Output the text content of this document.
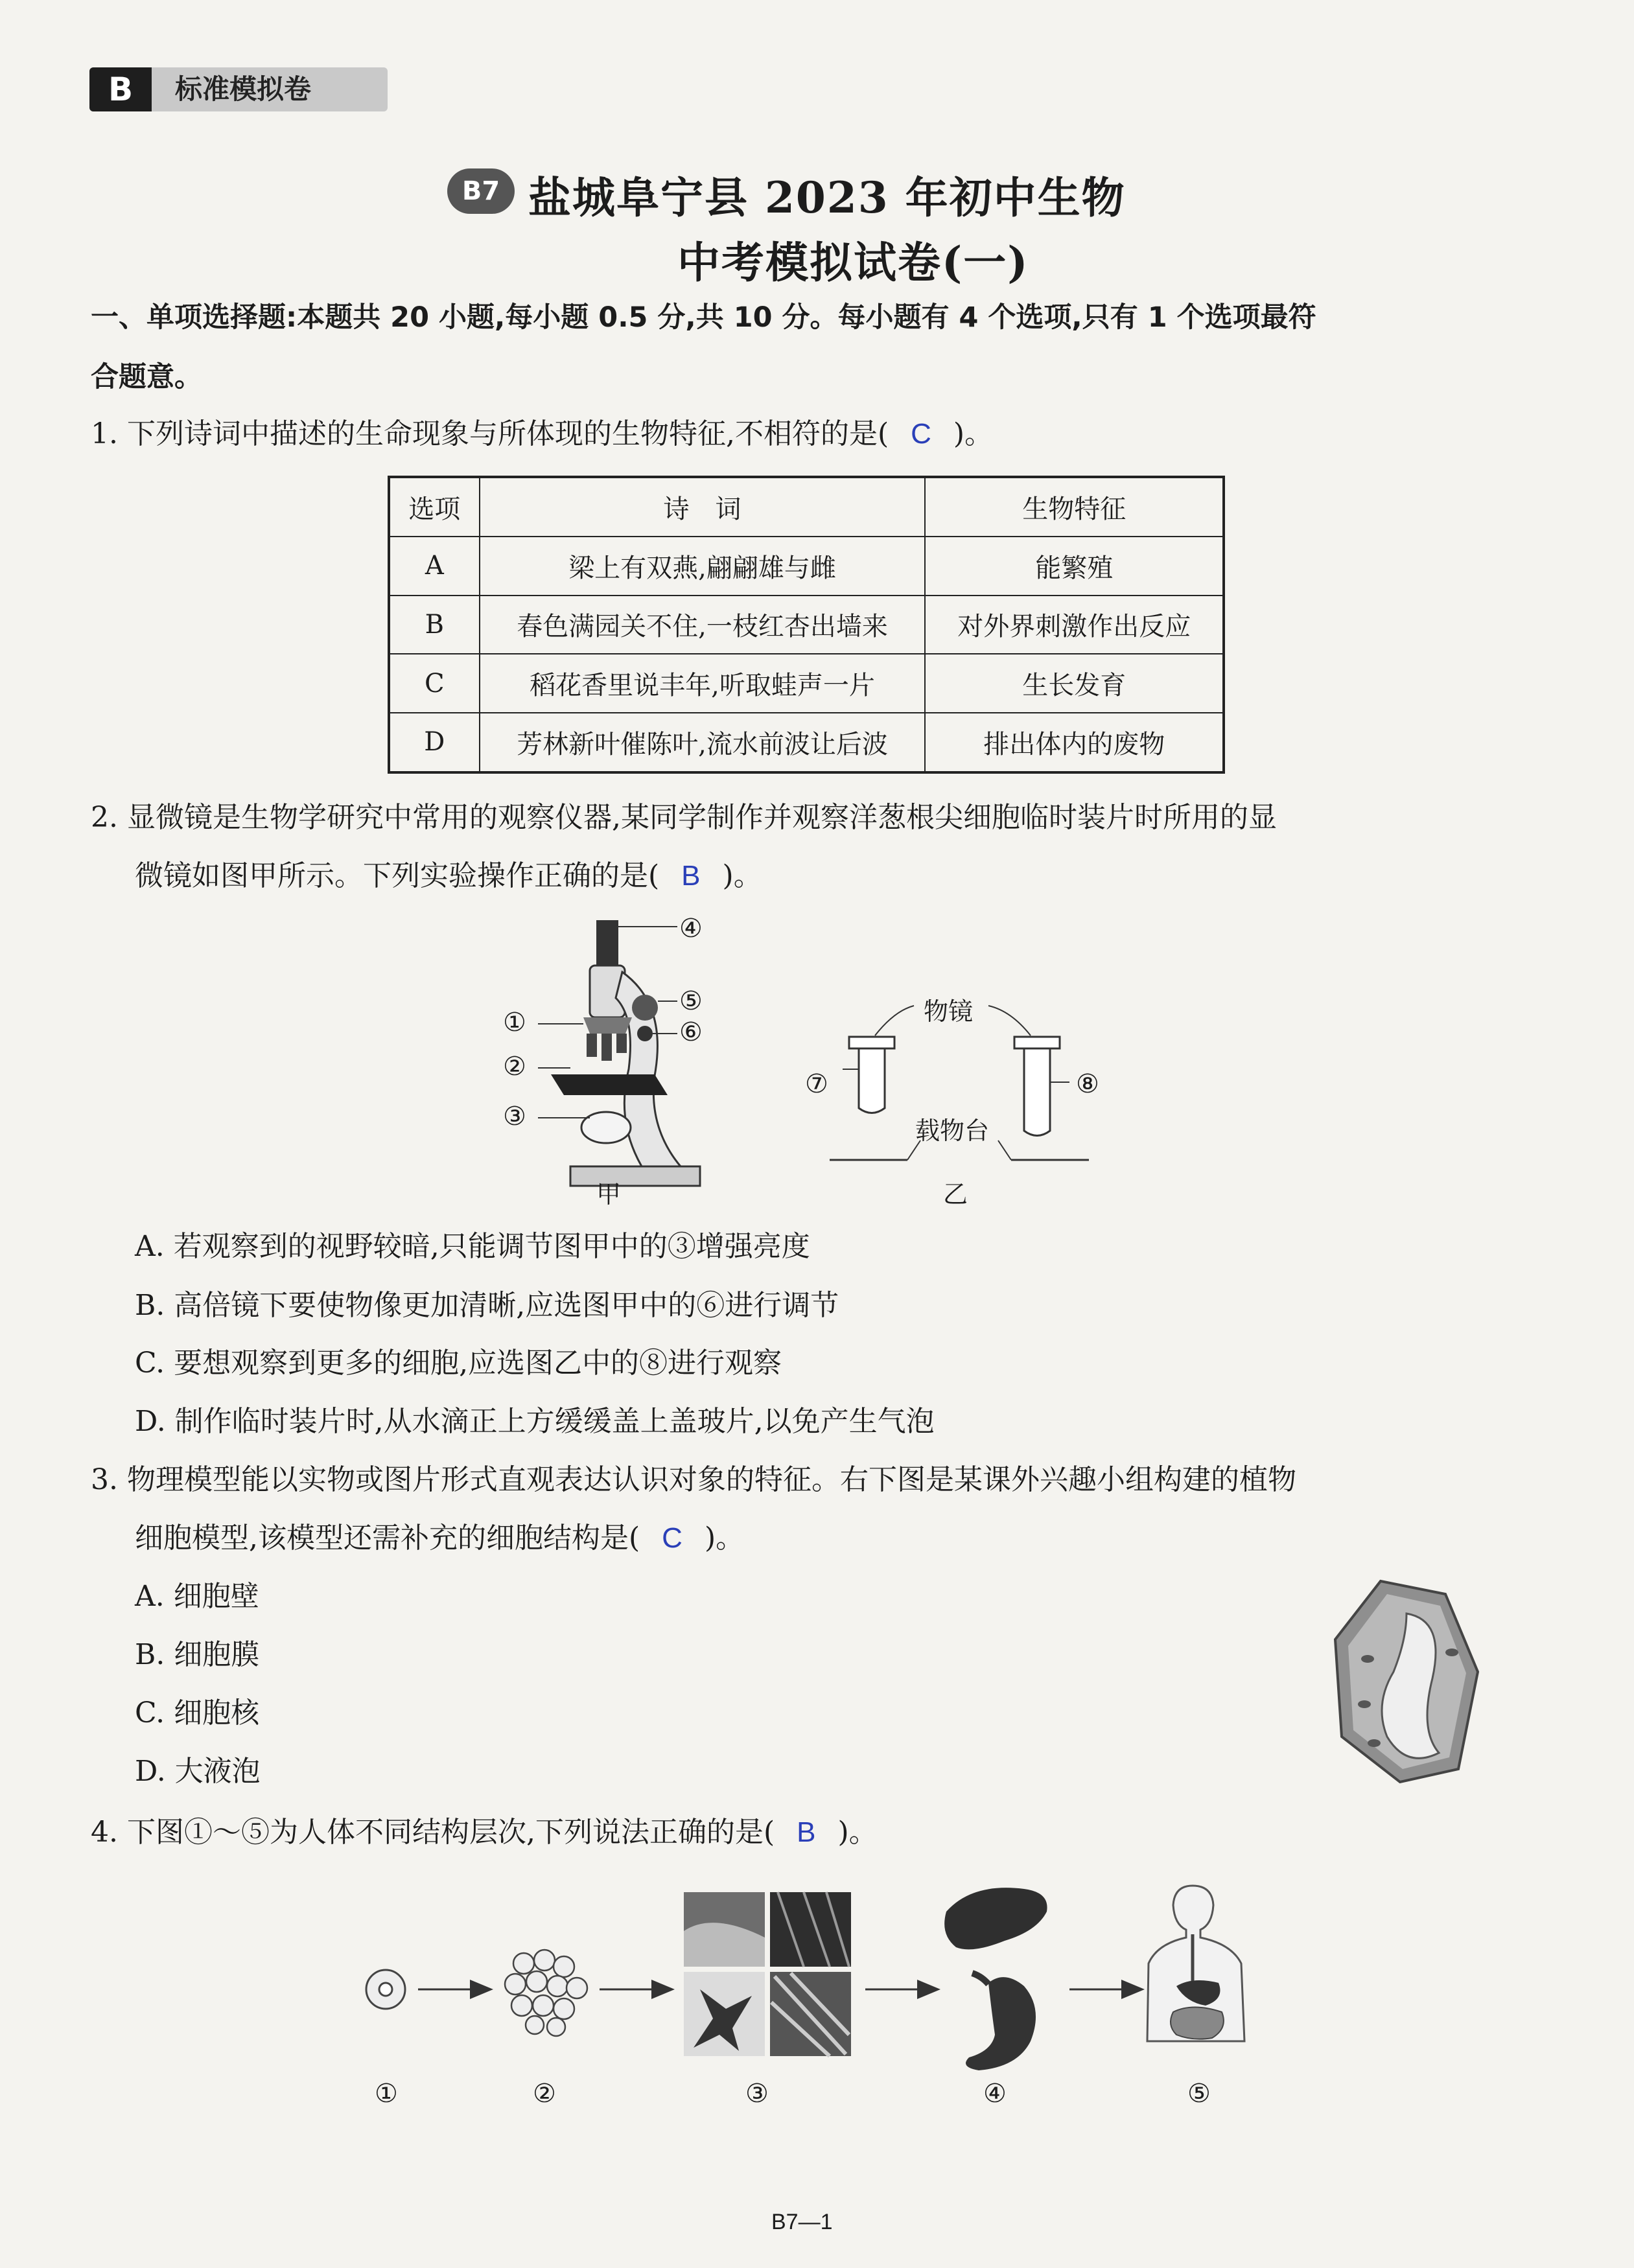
B	标准模拟卷
B7 盐城阜宁县 2023 年初中生物
中考模拟试卷(一)
一、单项选择题:本题共 20 小题,每小题 0.5 分,共 10 分。每小题有 4 个选项,只有 1 个选项最符
合题意。
1. 下列诗词中描述的生命现象与所体现的生物特征,不相符的是( C )。
选项	诗　词	生物特征
A	梁上有双燕,翩翩雄与雌	能繁殖
B	春色满园关不住,一枝红杏出墙来	对外界刺激作出反应
C	稻花香里说丰年,听取蛙声一片	生长发育
D	芳林新叶催陈叶,流水前波让后波	排出体内的废物
2. 显微镜是生物学研究中常用的观察仪器,某同学制作并观察洋葱根尖细胞临时装片时所用的显
微镜如图甲所示。下列实验操作正确的是( B )。
④
⑤
⑥
①
②
③
甲
物镜
⑦	⑧
载物台
乙
A. 若观察到的视野较暗,只能调节图甲中的③增强亮度
B. 高倍镜下要使物像更加清晰,应选图甲中的⑥进行调节
C. 要想观察到更多的细胞,应选图乙中的⑧进行观察
D. 制作临时装片时,从水滴正上方缓缓盖上盖玻片,以免产生气泡
3. 物理模型能以实物或图片形式直观表达认识对象的特征。右下图是某课外兴趣小组构建的植物
细胞模型,该模型还需补充的细胞结构是( C )。
A. 细胞壁
B. 细胞膜
C. 细胞核
D. 大液泡
4. 下图①～⑤为人体不同结构层次,下列说法正确的是( B )。
①	②	③	④	⑤
B7—1
